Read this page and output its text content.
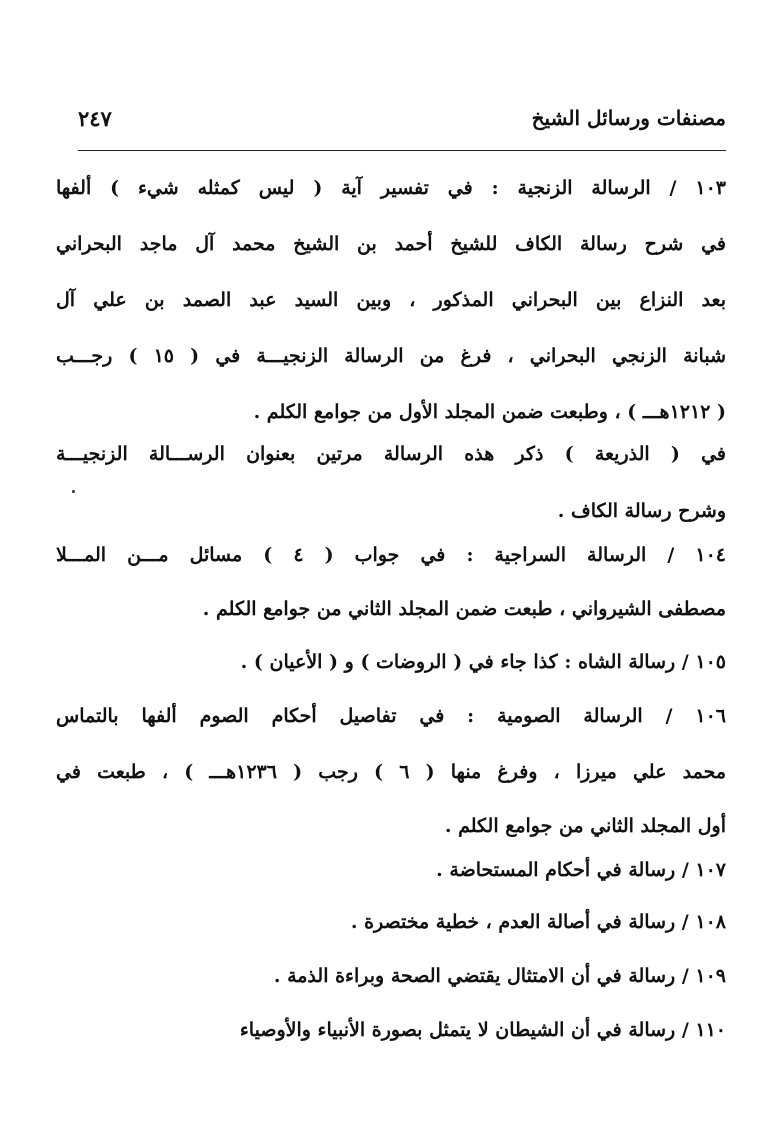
مصنفات ورسائل الشيخ
٢٤٧
١٠٣ / الرسالة الزنجية : في تفسير آية ( ليس كمثله شيء ) ألفها
في شرح رسالة الكاف للشيخ أحمد بن الشيخ محمد آل ماجد البحراني
بعد النزاع بين البحراني المذكور ، وبين السيد عبد الصمد بن علي آل
شبانة الزنجي البحراني ، فرغ من الرسالة الزنجيـــة في ( ١٥ ) رجـــب
( ١٢١٢هـــ ) ، وطبعت ضمن المجلد الأول من جوامع الكلم .
في ( الذريعة ) ذكر هذه الرسالة مرتين بعنوان الرســـالة الزنجيـــة
وشرح رسالة الكاف .
١٠٤ / الرسالة السراجية : في جواب ( ٤ ) مسائل مـــن المـــلا
مصطفى الشيرواني ، طبعت ضمن المجلد الثاني من جوامع الكلم .
١٠٥ / رسالة الشاه : كذا جاء في ( الروضات ) و ( الأعيان ) .
١٠٦ / الرسالة الصومية : في تفاصيل أحكام الصوم ألفها بالتماس
محمد علي ميرزا ، وفرغ منها ( ٦ ) رجب ( ١٢٣٦هـــ ) ، طبعت في
أول المجلد الثاني من جوامع الكلم .
١٠٧ / رسالة في أحكام المستحاضة .
١٠٨ / رسالة في أصالة العدم ، خطية مختصرة .
١٠٩ / رسالة في أن الامتثال يقتضي الصحة وبراءة الذمة .
١١٠ / رسالة في أن الشيطان لا يتمثل بصورة الأنبياء والأوصياء
